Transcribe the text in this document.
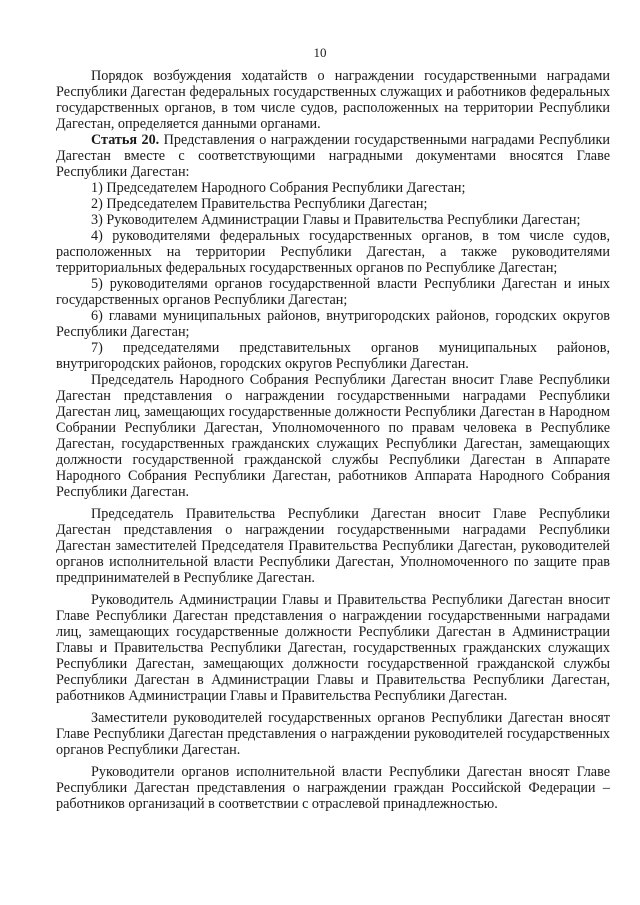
10

Порядок возбуждения ходатайств о награждении государственными наградами Республики Дагестан федеральных государственных служащих и работников федеральных государственных органов, в том числе судов, расположенных на территории Республики Дагестан, определяется данными органами.

Статья 20. Представления о награждении государственными наградами Республики Дагестан вместе с соответствующими наградными документами вносятся Главе Республики Дагестан:

1) Председателем Народного Собрания Республики Дагестан;

2) Председателем Правительства Республики Дагестан;

3) Руководителем Администрации Главы и Правительства Республики Дагестан;

4) руководителями федеральных государственных органов, в том числе судов, расположенных на территории Республики Дагестан, а также руководителями территориальных федеральных государственных органов по Республике Дагестан;

5) руководителями органов государственной власти Республики Дагестан и иных государственных органов Республики Дагестан;

6) главами муниципальных районов, внутригородских районов, городских округов Республики Дагестан;

7) председателями представительных органов муниципальных районов, внутригородских районов, городских округов Республики Дагестан.

Председатель Народного Собрания Республики Дагестан вносит Главе Республики Дагестан представления о награждении государственными наградами Республики Дагестан лиц, замещающих государственные должности Республики Дагестан в Народном Собрании Республики Дагестан, Уполномоченного по правам человека в Республике Дагестан, государственных гражданских служащих Республики Дагестан, замещающих должности государственной гражданской службы Республики Дагестан в Аппарате Народного Собрания Республики Дагестан, работников Аппарата Народного Собрания Республики Дагестан.

Председатель Правительства Республики Дагестан вносит Главе Республики Дагестан представления о награждении государственными наградами Республики Дагестан заместителей Председателя Правительства Республики Дагестан, руководителей органов исполнительной власти Республики Дагестан, Уполномоченного по защите прав предпринимателей в Республике Дагестан.

Руководитель Администрации Главы и Правительства Республики Дагестан вносит Главе Республики Дагестан представления о награждении государственными наградами лиц, замещающих государственные должности Республики Дагестан в Администрации Главы и Правительства Республики Дагестан, государственных гражданских служащих Республики Дагестан, замещающих должности государственной гражданской службы Республики Дагестан в Администрации Главы и Правительства Республики Дагестан, работников Администрации Главы и Правительства Республики Дагестан.

Заместители руководителей государственных органов Республики Дагестан вносят Главе Республики Дагестан представления о награждении руководителей государственных органов Республики Дагестан.

Руководители органов исполнительной власти Республики Дагестан вносят Главе Республики Дагестан представления о награждении граждан Российской Федерации – работников организаций в соответствии с отраслевой принадлежностью.
